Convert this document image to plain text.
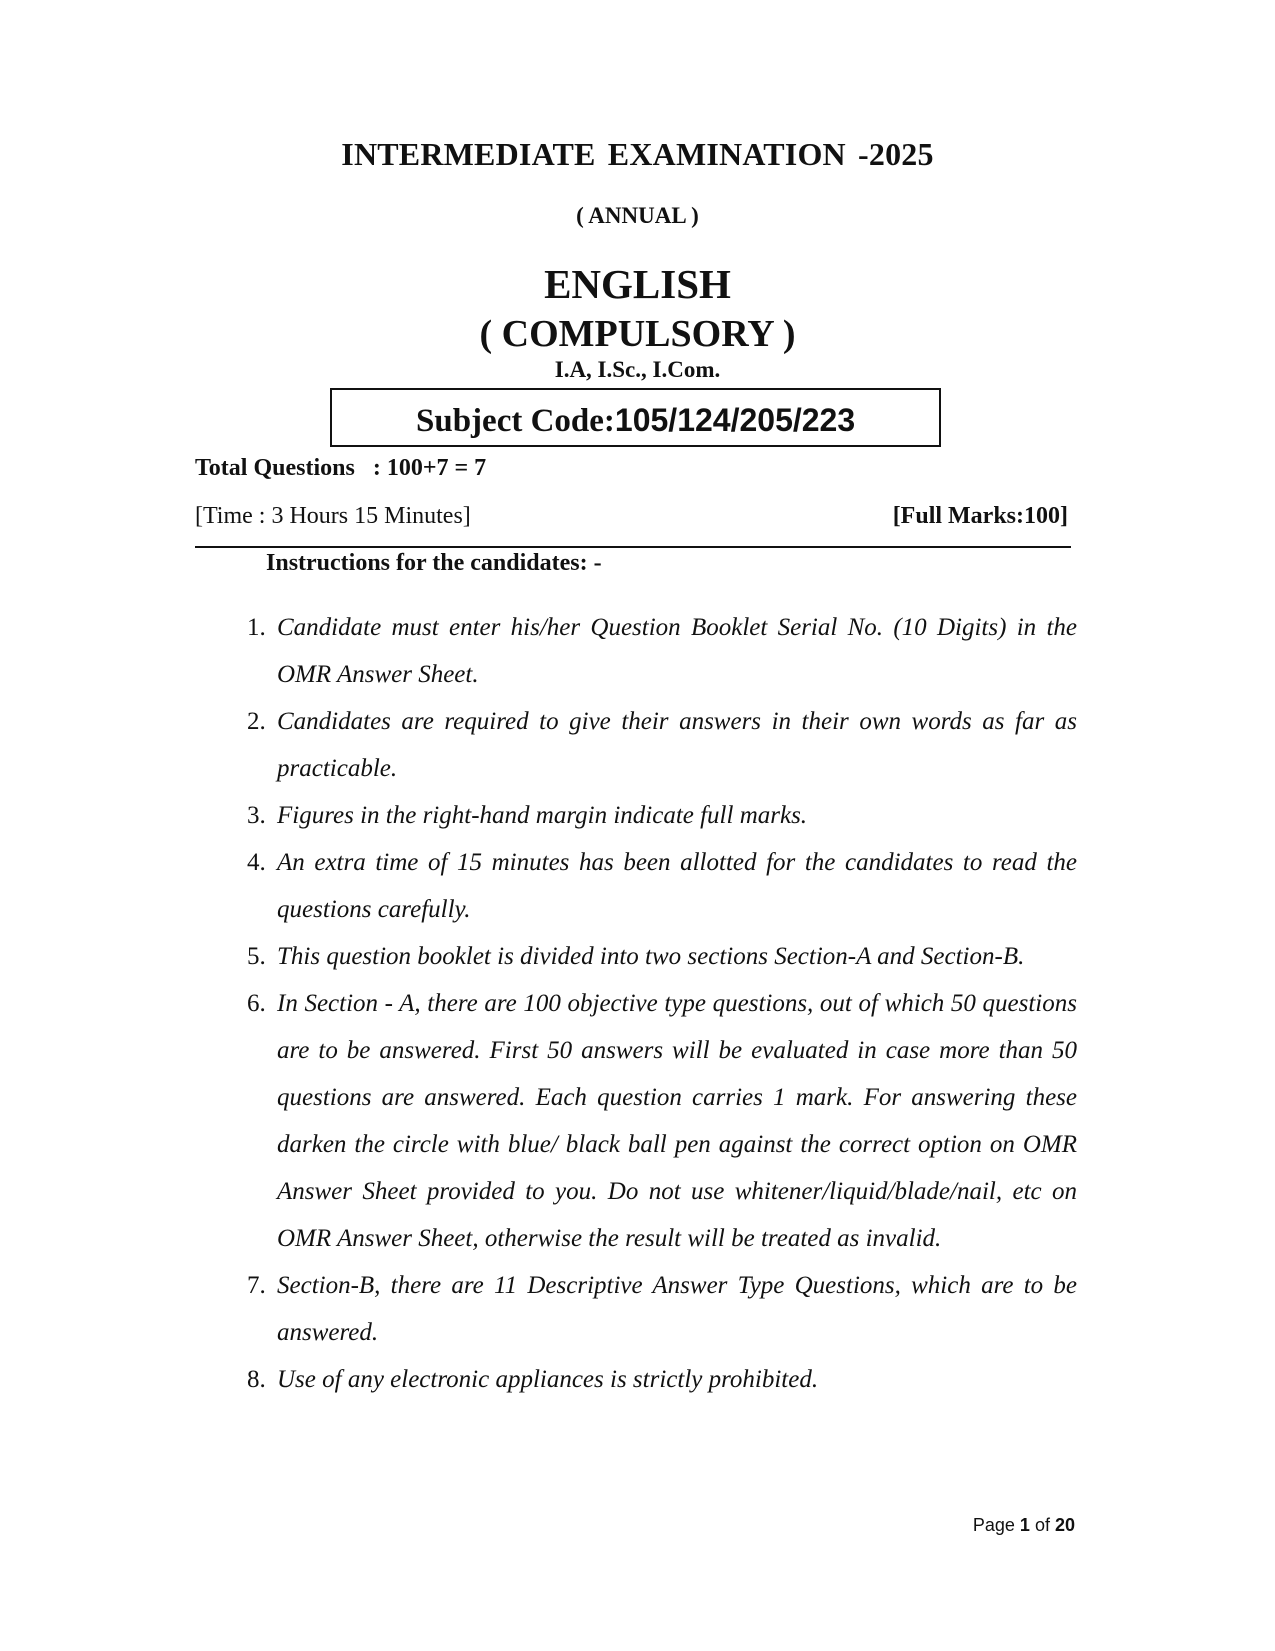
INTERMEDIATE EXAMINATION -2025
( ANNUAL )
ENGLISH
( COMPULSORY )
I.A, I.Sc., I.Com.
Subject Code:105/124/205/223
Total Questions   : 100+7 = 7
[Time : 3 Hours 15 Minutes]	[Full Marks:100]
Instructions for the candidates: -
1. Candidate must enter his/her Question Booklet Serial No. (10 Digits) in the OMR Answer Sheet.
2. Candidates are required to give their answers in their own words as far as practicable.
3. Figures in the right-hand margin indicate full marks.
4. An extra time of 15 minutes has been allotted for the candidates to read the questions carefully.
5. This question booklet is divided into two sections Section-A and Section-B.
6. In Section - A, there are 100 objective type questions, out of which 50 questions are to be answered. First 50 answers will be evaluated in case more than 50 questions are answered. Each question carries 1 mark. For answering these darken the circle with blue/ black ball pen against the correct option on OMR Answer Sheet provided to you. Do not use whitener/liquid/blade/nail, etc on OMR Answer Sheet, otherwise the result will be treated as invalid.
7. Section-B, there are 11 Descriptive Answer Type Questions, which are to be answered.
8. Use of any electronic appliances is strictly prohibited.
Page 1 of 20
